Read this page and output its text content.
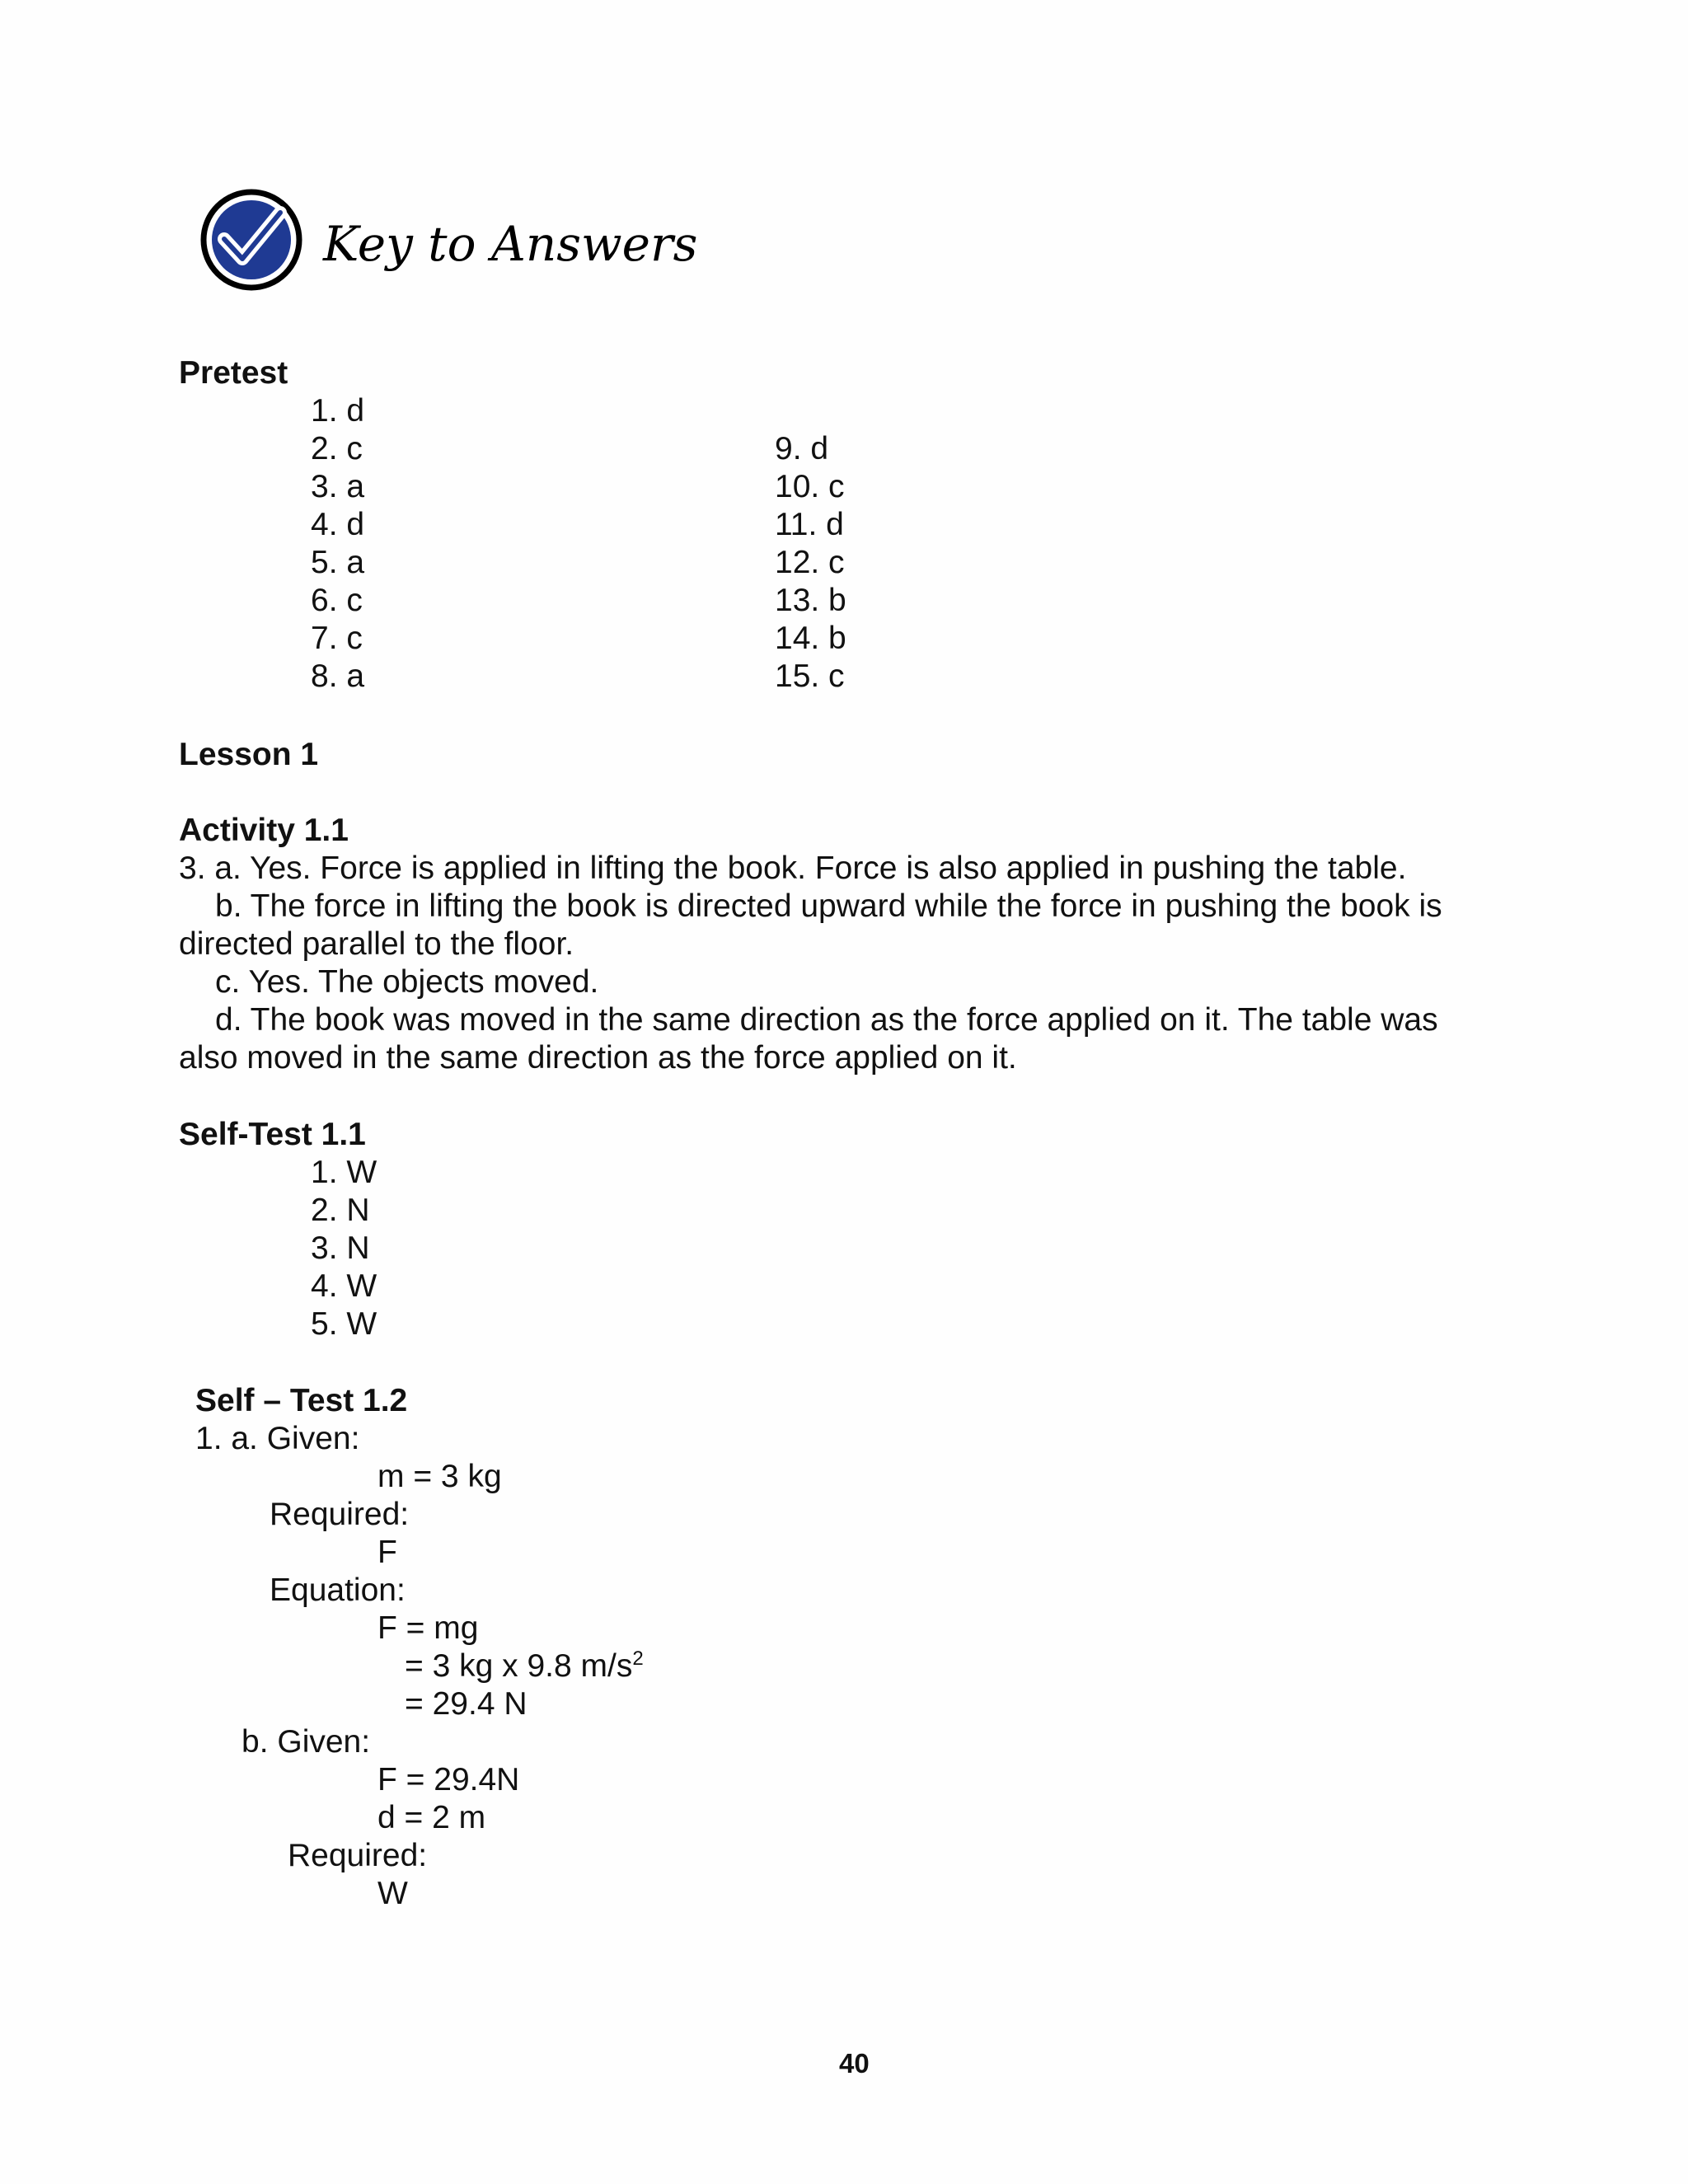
Key to Answers
Pretest
1. d
2. c
3. a
4. d
5. a
6. c
7. c
8. a
9. d
10. c
11. d
12. c
13. b
14. b
15. c
Lesson 1
Activity 1.1
3. a. Yes. Force is applied in lifting the book. Force is also applied in pushing the table.
b. The force in lifting the book is directed upward while the force in pushing the book is
directed parallel to the floor.
c. Yes. The objects moved.
d. The book was moved in the same direction as the force applied on it. The table was
also moved in the same direction as the force applied on it.
Self-Test 1.1
1. W
2. N
3. N
4. W
5. W
Self – Test 1.2
1. a. Given:
m = 3 kg
Required:
F
Equation:
F = mg
= 3 kg x 9.8 $m/s^2$
= 29.4 N
b. Given:
F = 29.4N
d = 2 m
Required:
W
40
